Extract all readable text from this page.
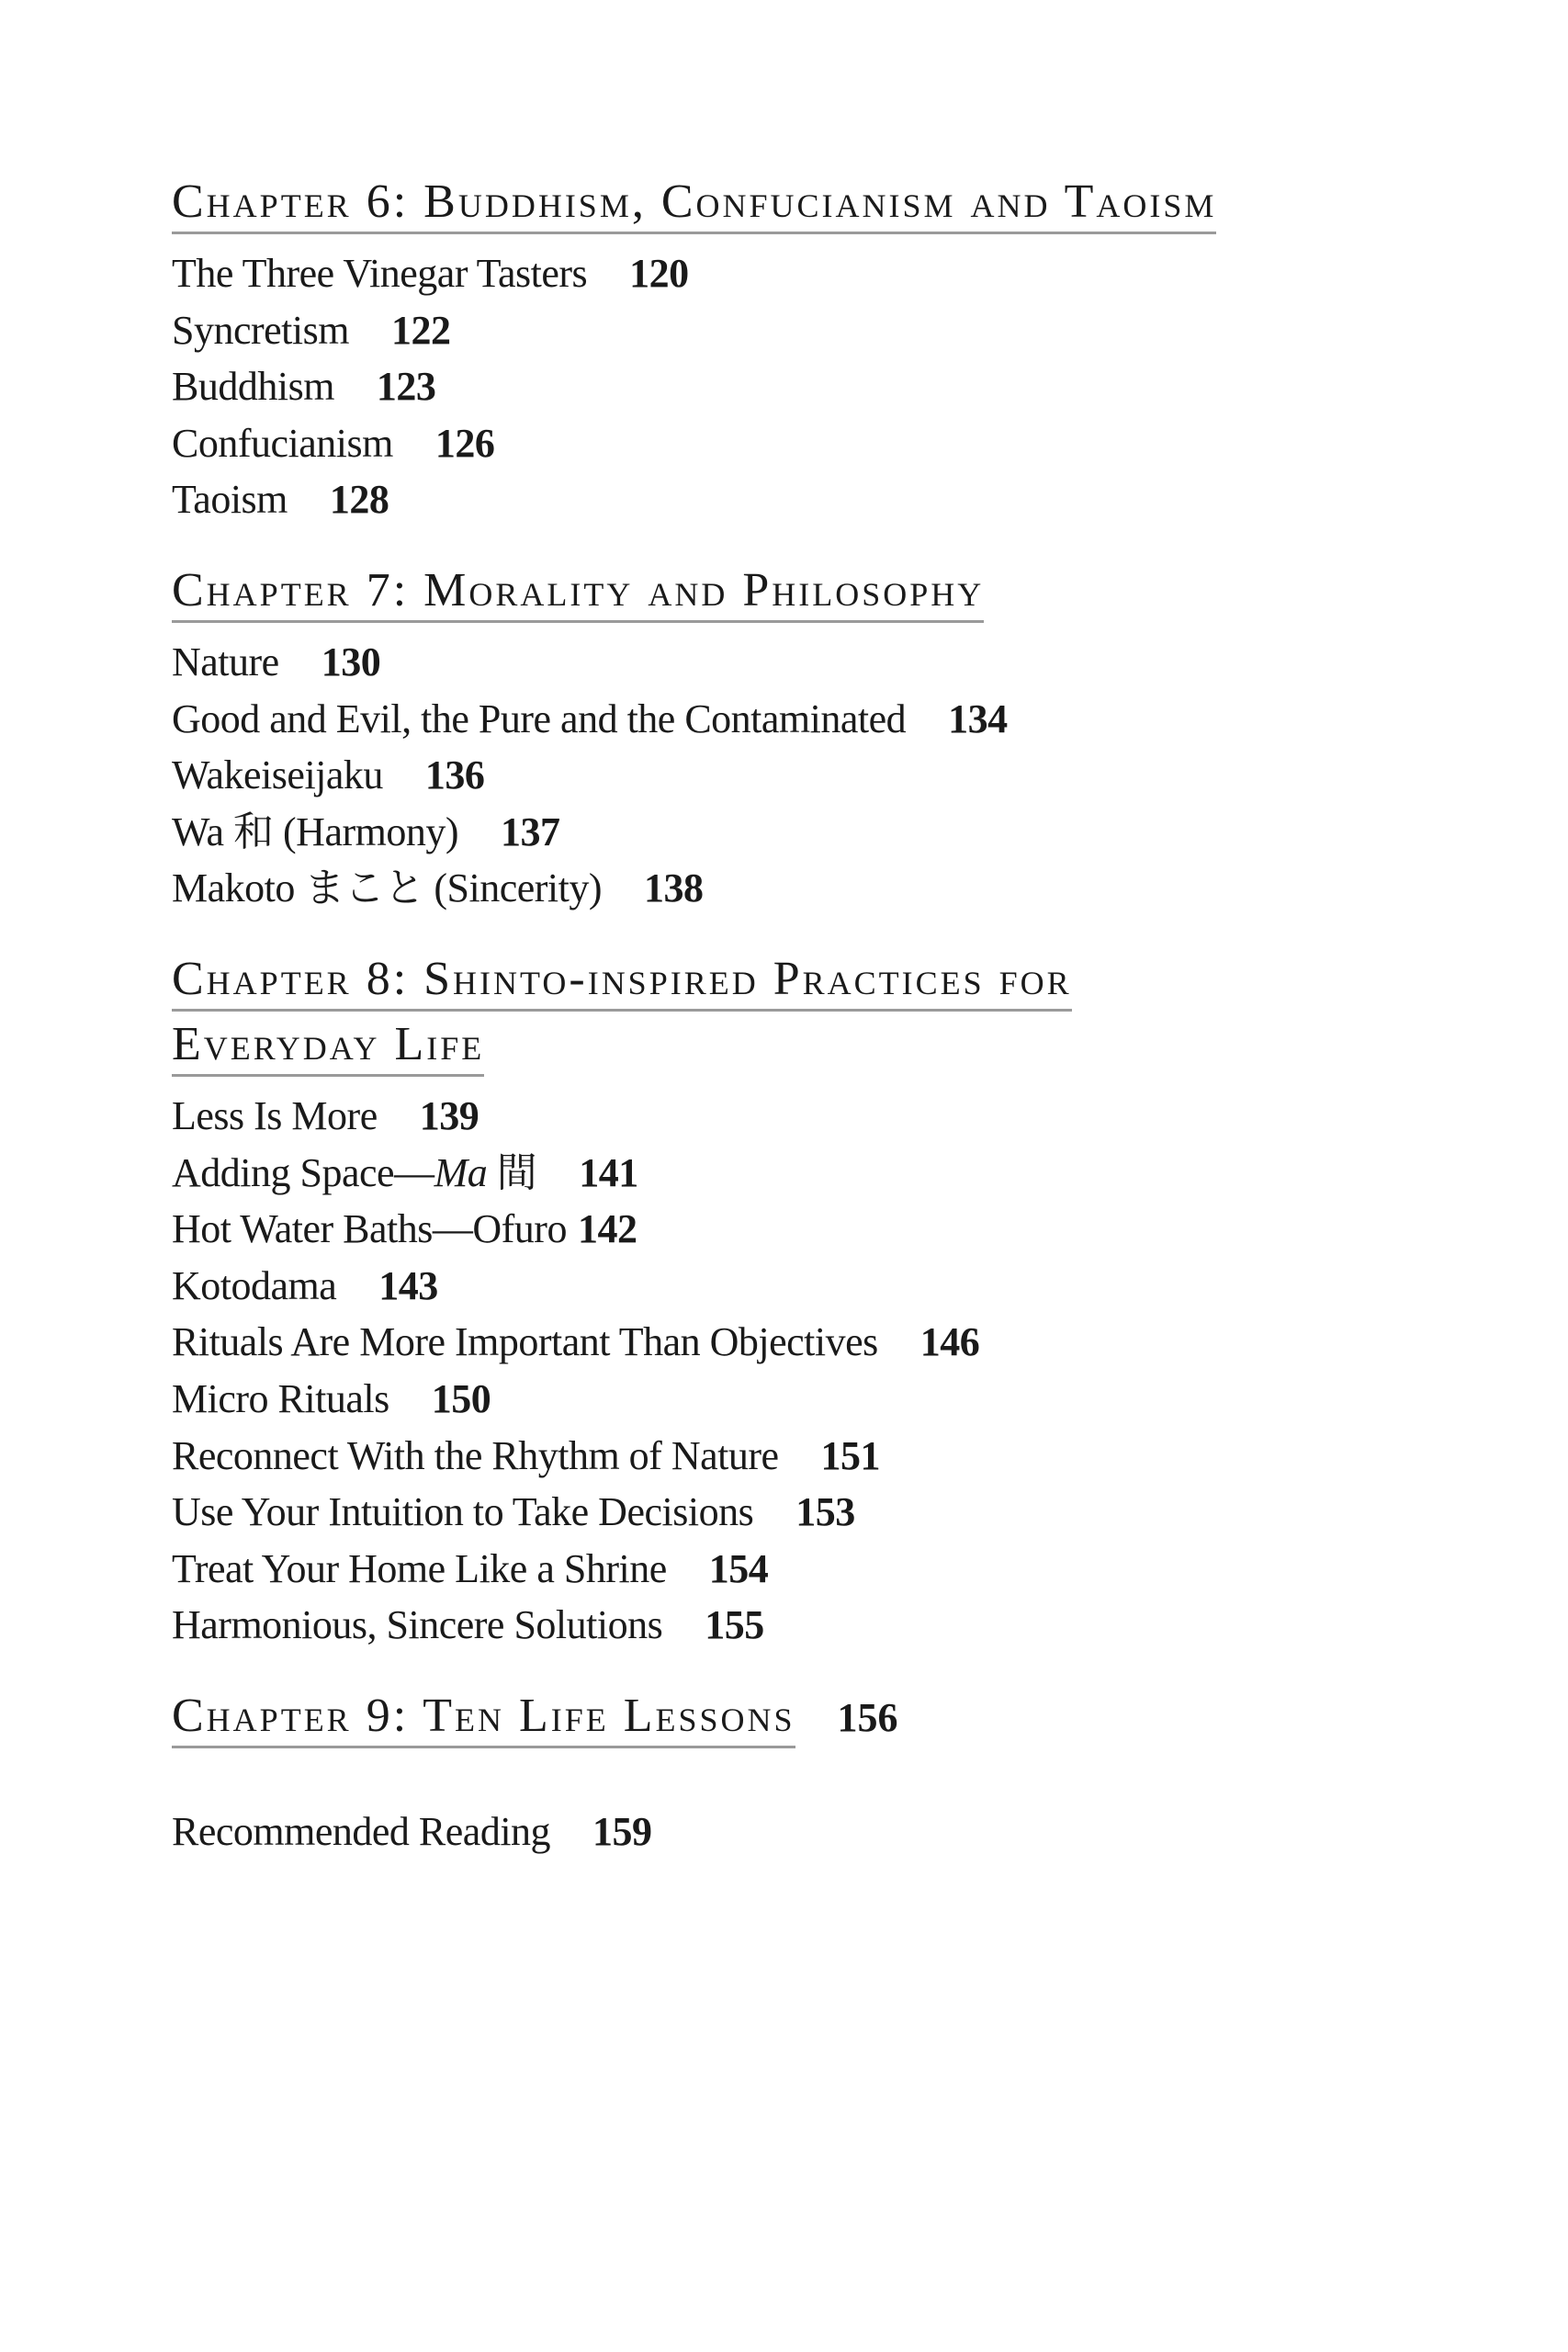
Chapter 6: Buddhism, Confucianism and Taoism
The Three Vinegar Tasters 120
Syncretism 122
Buddhism 123
Confucianism 126
Taoism 128
Chapter 7: Morality and Philosophy
Nature 130
Good and Evil, the Pure and the Contaminated 134
Wakeiseijaku 136
Wa 和 (Harmony) 137
Makoto まこと (Sincerity) 138
Chapter 8: Shinto-inspired Practices for
Everyday Life
Less Is More 139
Adding Space—Ma 間 141
Hot Water Baths—Ofuro 142
Kotodama 143
Rituals Are More Important Than Objectives 146
Micro Rituals 150
Reconnect With the Rhythm of Nature 151
Use Your Intuition to Take Decisions 153
Treat Your Home Like a Shrine 154
Harmonious, Sincere Solutions 155
Chapter 9: Ten Life Lessons 156
Recommended Reading 159
